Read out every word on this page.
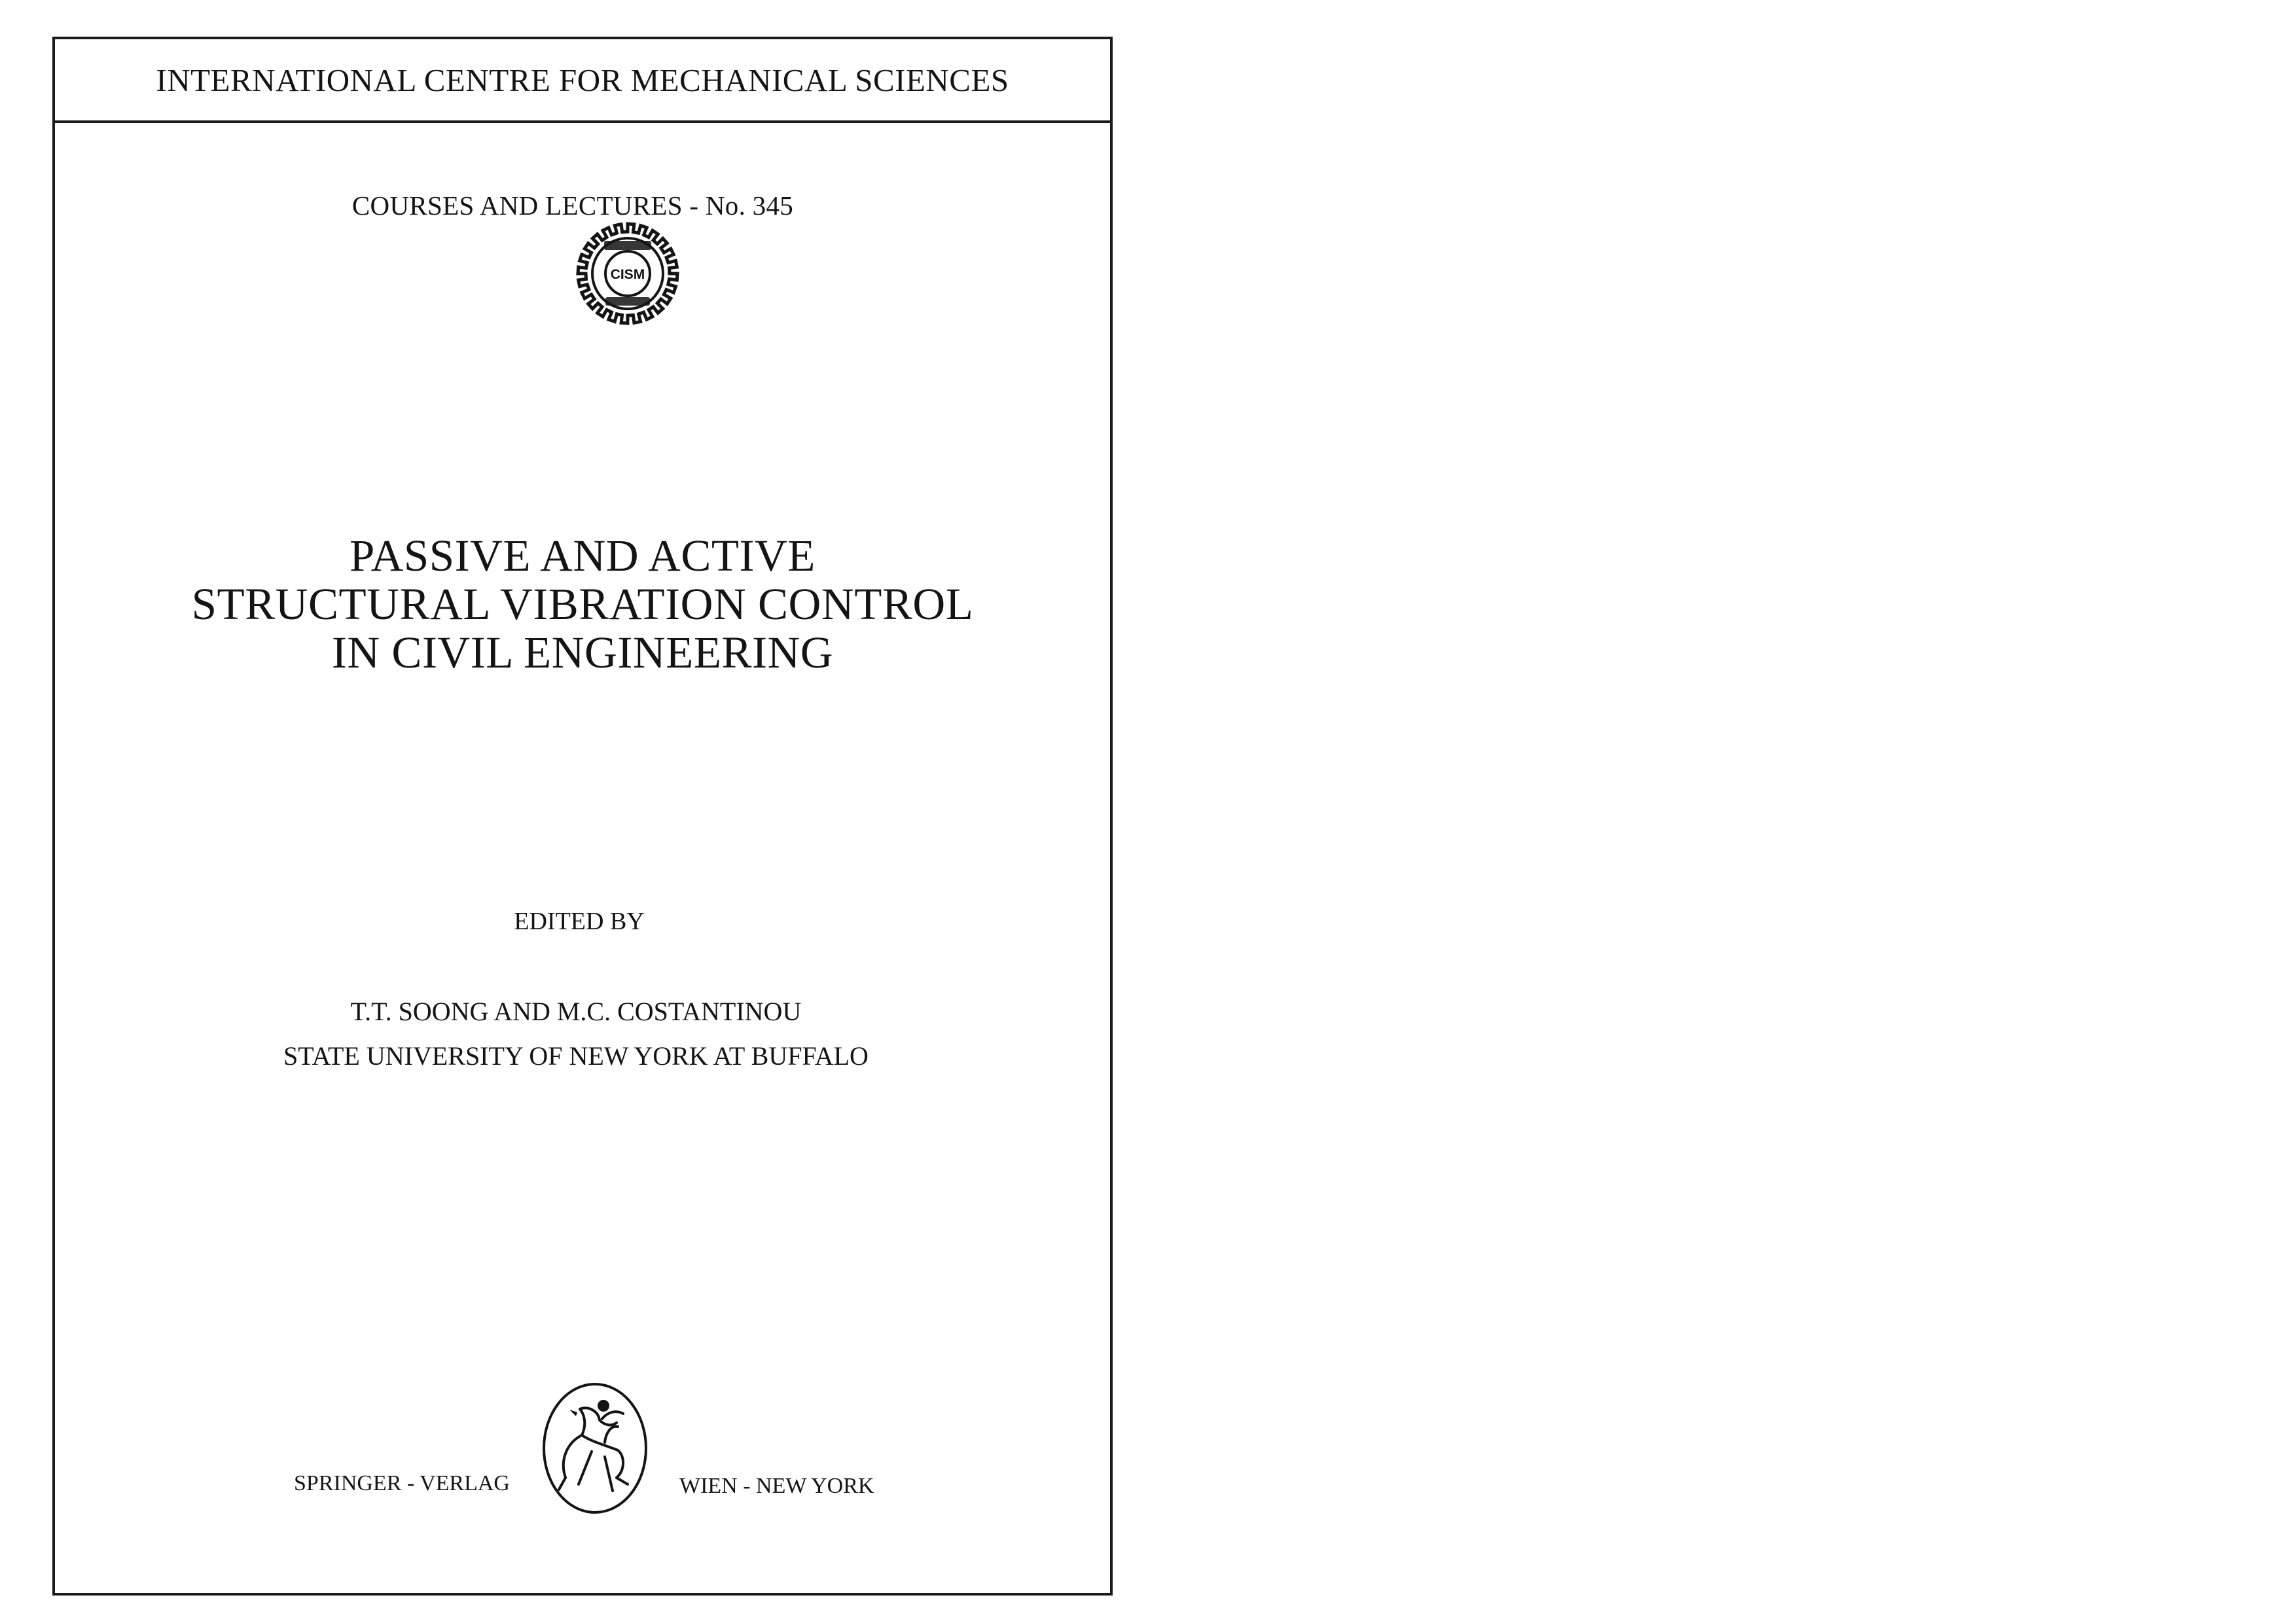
INTERNATIONAL CENTRE FOR MECHANICAL SCIENCES
COURSES AND LECTURES - No. 345
CISM
PASSIVE AND ACTIVE
STRUCTURAL VIBRATION CONTROL
IN CIVIL ENGINEERING
EDITED BY
T.T. SOONG AND M.C. COSTANTINOU
STATE UNIVERSITY OF NEW YORK AT BUFFALO
SPRINGER - VERLAG	WIEN - NEW YORK
